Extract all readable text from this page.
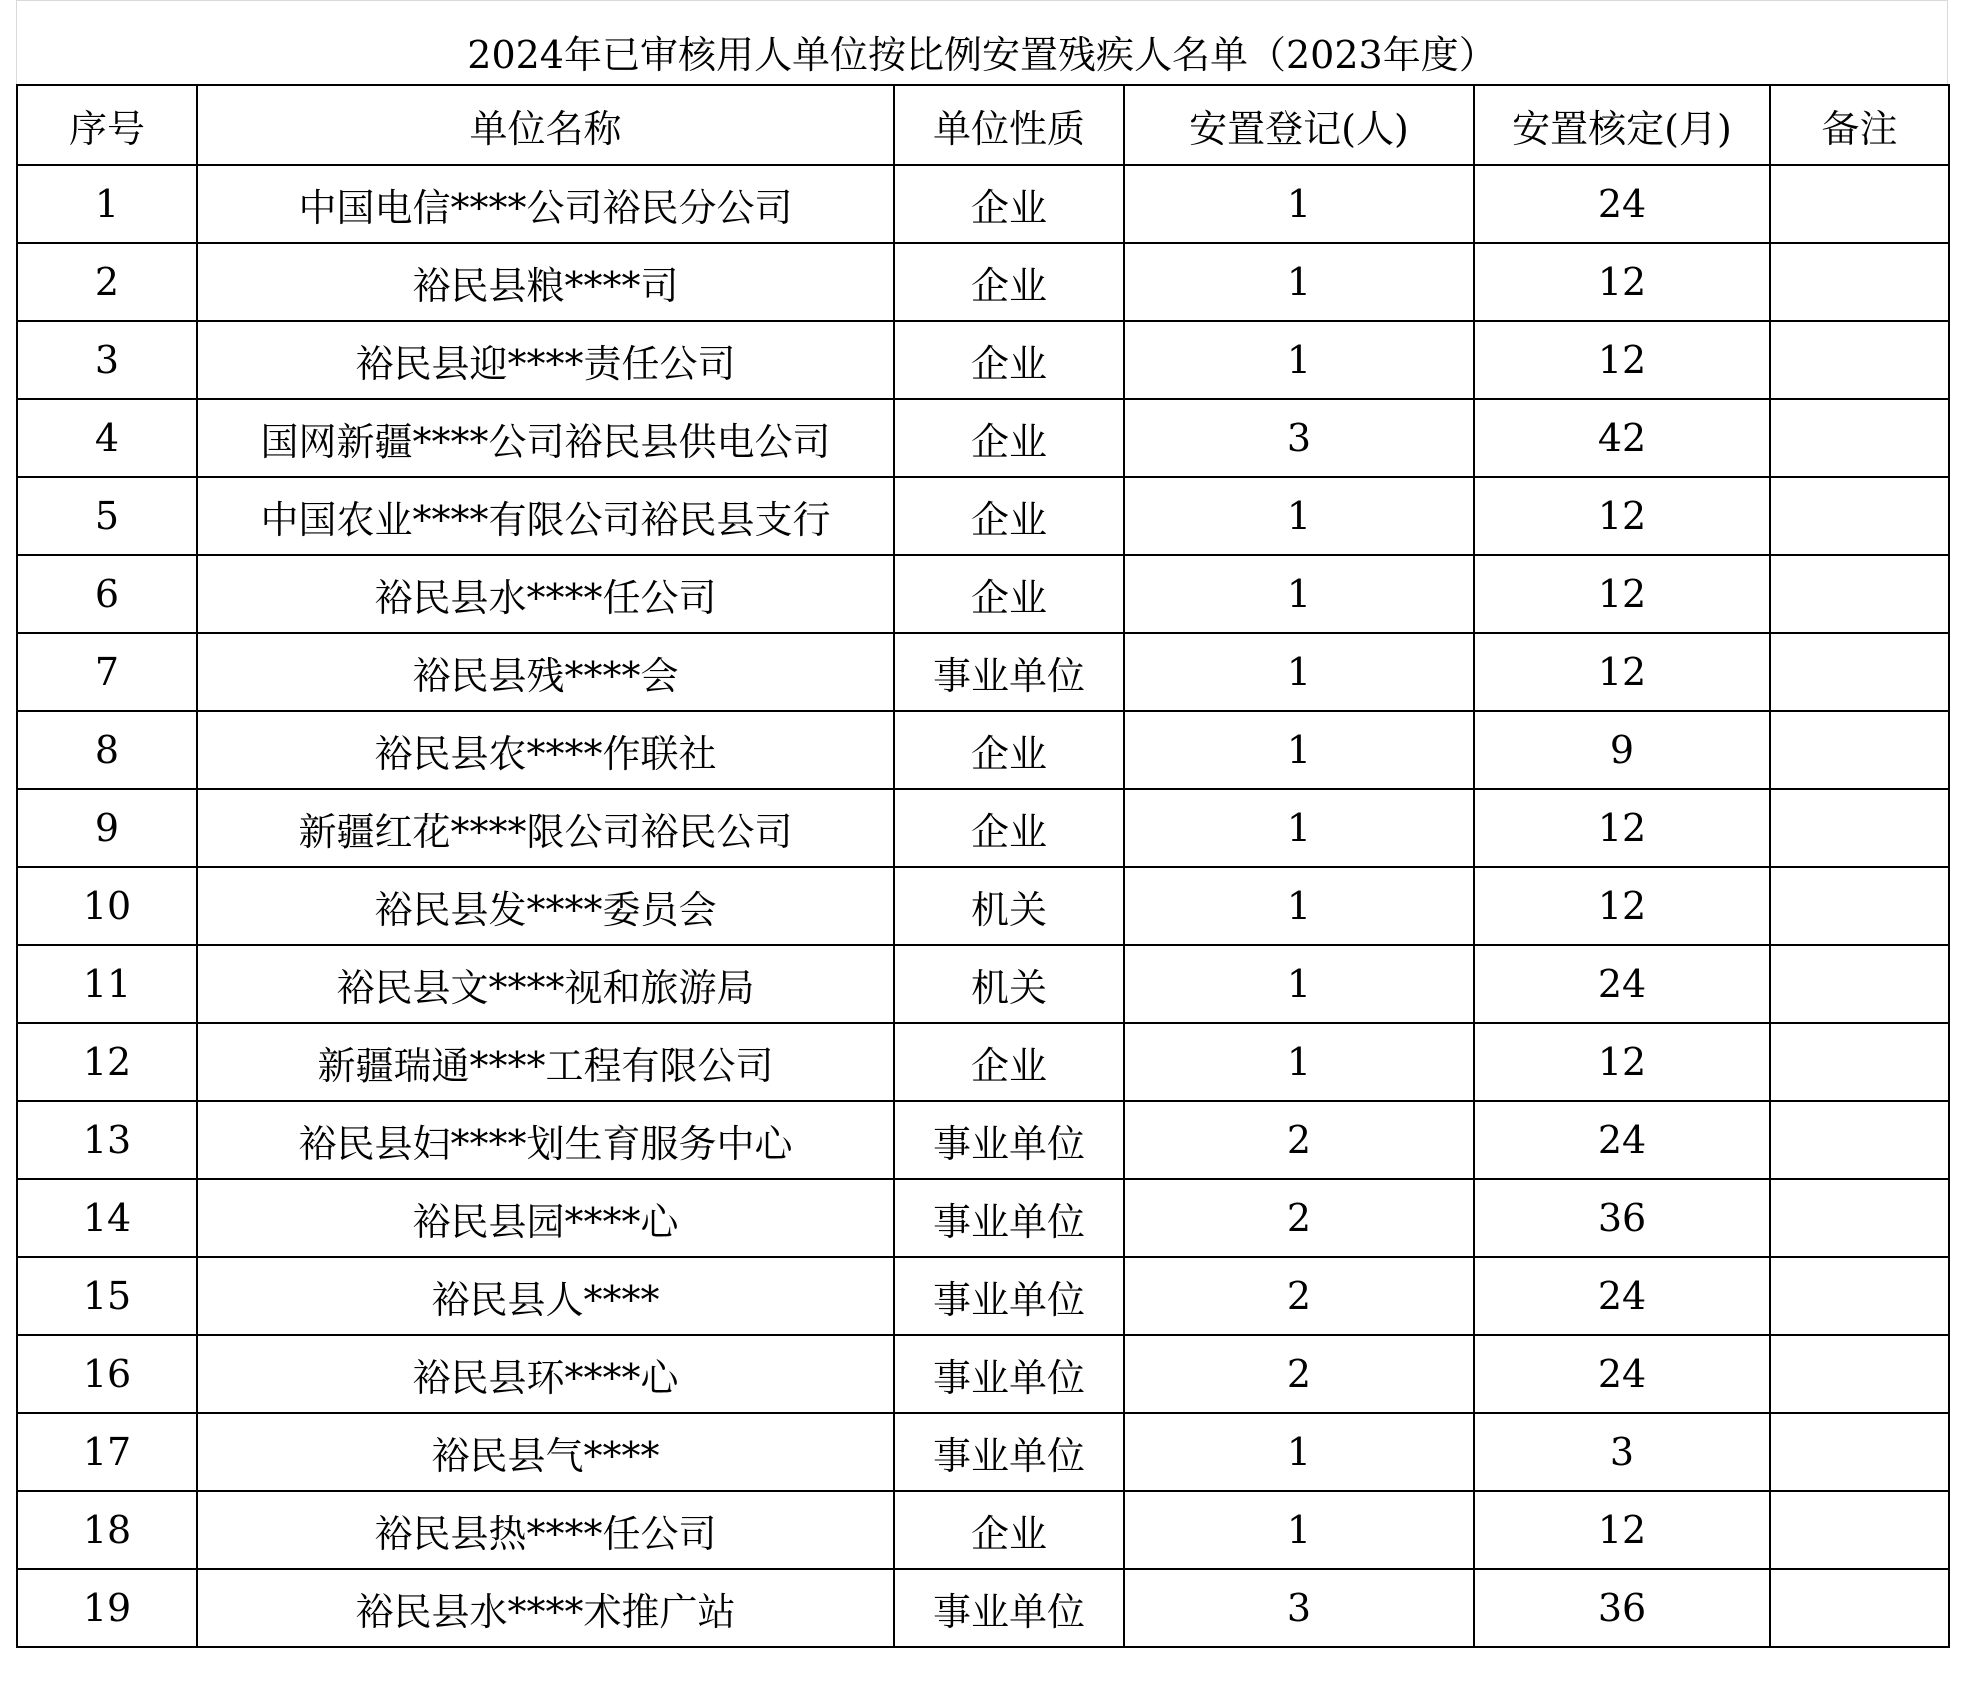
2024年已审核用人单位按比例安置残疾人名单（2023年度）
序号	单位名称	单位性质	安置登记(人)	安置核定(月)	备注
1	中国电信****公司裕民分公司	企业	1	24	
2	裕民县粮****司	企业	1	12	
3	裕民县迎****责任公司	企业	1	12	
4	国网新疆****公司裕民县供电公司	企业	3	42	
5	中国农业****有限公司裕民县支行	企业	1	12	
6	裕民县水****任公司	企业	1	12	
7	裕民县残****会	事业单位	1	12	
8	裕民县农****作联社	企业	1	9	
9	新疆红花****限公司裕民公司	企业	1	12	
10	裕民县发****委员会	机关	1	12	
11	裕民县文****视和旅游局	机关	1	24	
12	新疆瑞通****工程有限公司	企业	1	12	
13	裕民县妇****划生育服务中心	事业单位	2	24	
14	裕民县园****心	事业单位	2	36	
15	裕民县人****	事业单位	2	24	
16	裕民县环****心	事业单位	2	24	
17	裕民县气****	事业单位	1	3	
18	裕民县热****任公司	企业	1	12	
19	裕民县水****术推广站	事业单位	3	36	
